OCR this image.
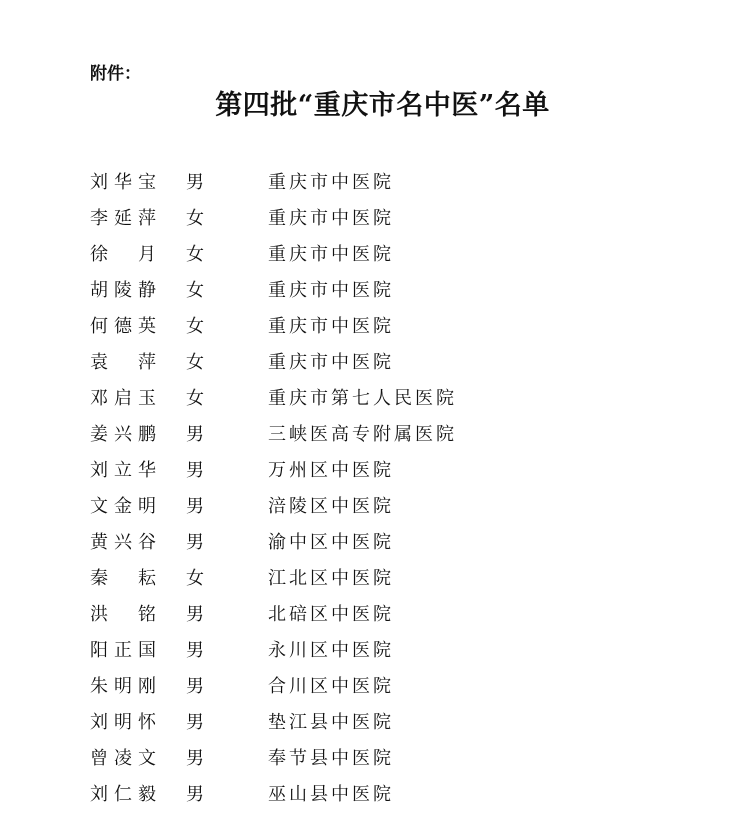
附件：
第四批“重庆市名中医”名单
刘 华 宝 男	重庆市中医院
李 延 萍 女	重庆市中医院
徐 月 女	重庆市中医院
胡 陵 静 女	重庆市中医院
何 德 英 女	重庆市中医院
袁 萍 女	重庆市中医院
邓 启 玉 女	重庆市第七人民医院
姜 兴 鹏 男	三峡医高专附属医院
刘 立 华 男	万州区中医院
文 金 明 男	涪陵区中医院
黄 兴 谷 男	渝中区中医院
秦 耘 女	江北区中医院
洪 铭 男	北碚区中医院
阳 正 国 男	永川区中医院
朱 明 刚 男	合川区中医院
刘 明 怀 男	垫江县中医院
曾 凌 文 男	奉节县中医院
刘 仁 毅 男	巫山县中医院
